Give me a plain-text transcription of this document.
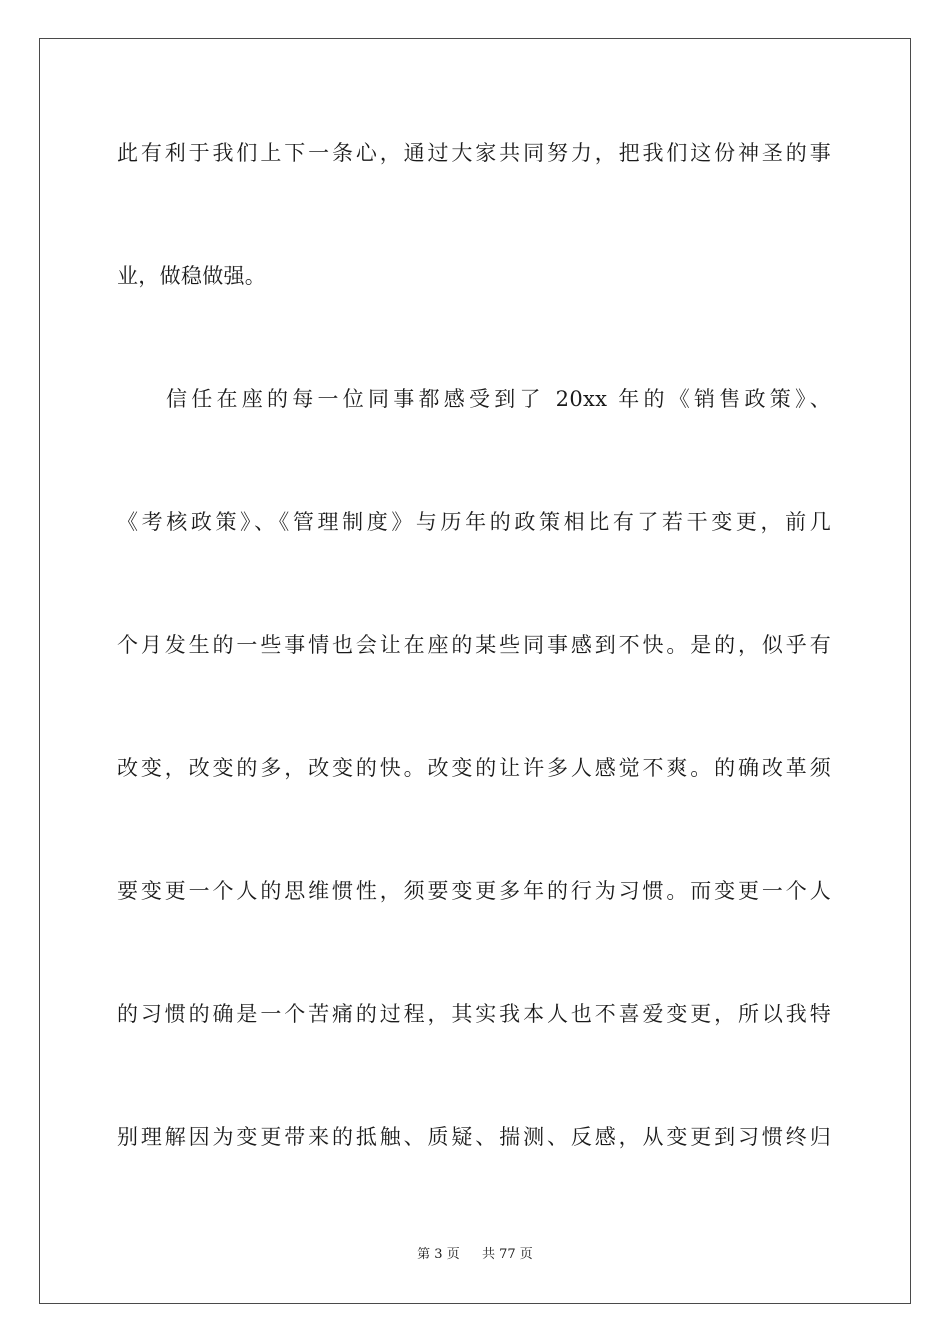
此有利于我们上下一条心，通过大家共同努力，把我们这份神圣的事
业，做稳做强。
信任在座的每一位同事都感受到了 20xx 年的《销售政策》、
《考核政策》、《管理制度》与历年的政策相比有了若干变更，前几
个月发生的一些事情也会让在座的某些同事感到不快。是的，似乎有
改变，改变的多，改变的快。改变的让许多人感觉不爽。的确改革须
要变更一个人的思维惯性，须要变更多年的行为习惯。而变更一个人
的习惯的确是一个苦痛的过程，其实我本人也不喜爱变更，所以我特
别理解因为变更带来的抵触、质疑、揣测、反感，从变更到习惯终归
第 3 页 共 77 页
